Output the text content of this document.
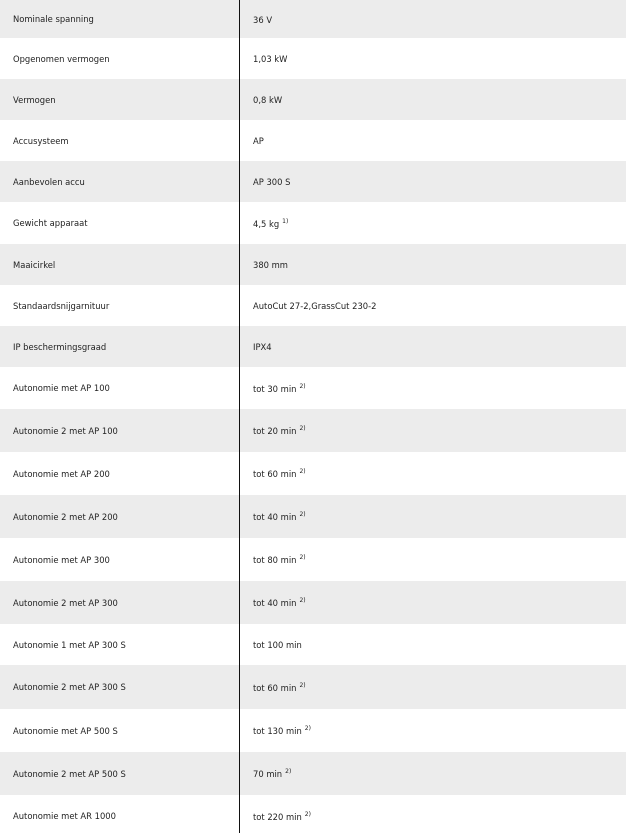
Nominale spanning	36 V
Opgenomen vermogen	1,03 kW
Vermogen	0,8 kW
Accusysteem	AP
Aanbevolen accu	AP 300 S
Gewicht apparaat	4,5 kg $^{1)}$
Maaicirkel	380 mm
Standaardsnijgarnituur	AutoCut 27-2,GrassCut 230-2
IP beschermingsgraad	IPX4
Autonomie met AP 100	tot 30 min $^{2)}$
Autonomie 2 met AP 100	tot 20 min $^{2)}$
Autonomie met AP 200	tot 60 min $^{2)}$
Autonomie 2 met AP 200	tot 40 min $^{2)}$
Autonomie met AP 300	tot 80 min $^{2)}$
Autonomie 2 met AP 300	tot 40 min $^{2)}$
Autonomie 1 met AP 300 S	tot 100 min
Autonomie 2 met AP 300 S	tot 60 min $^{2)}$
Autonomie met AP 500 S	tot 130 min $^{2)}$
Autonomie 2 met AP 500 S	70 min $^{2)}$
Autonomie met AR 1000	tot 220 min $^{2)}$
